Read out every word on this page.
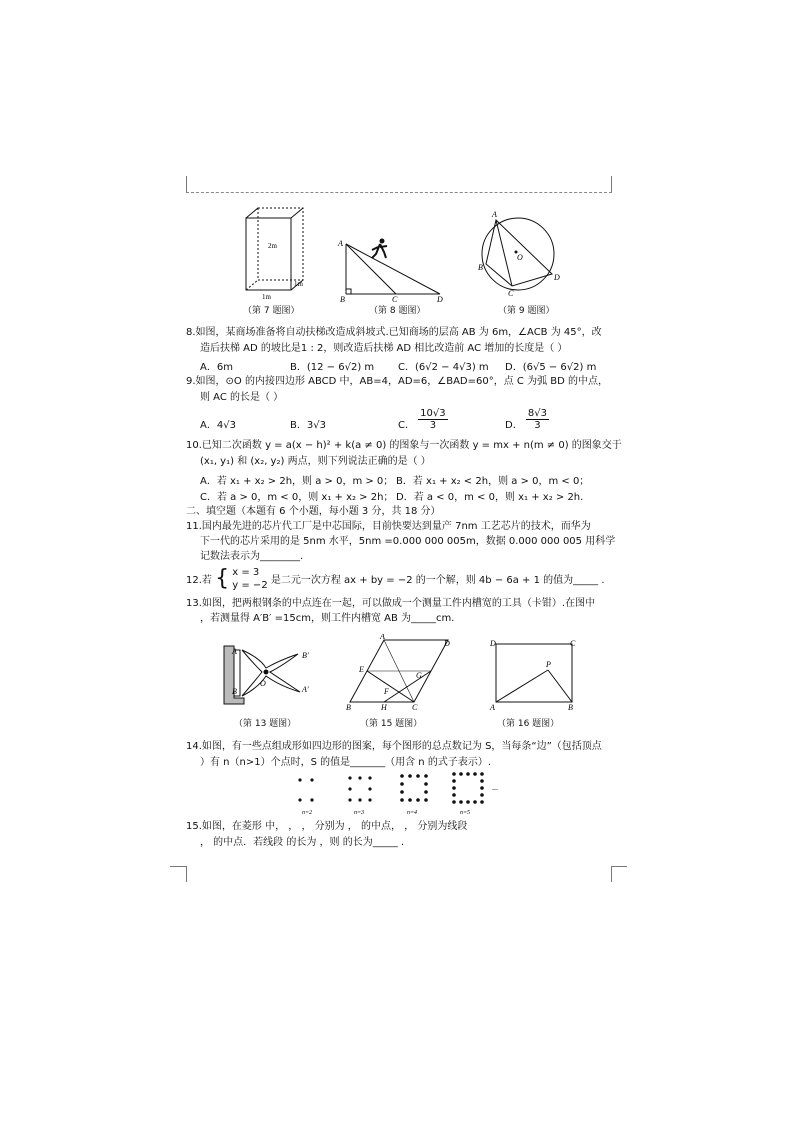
2m
1m
1m
（第 7 题图）
A
B	C	D
（第 8 题图）
A
B
C
D
O
（第 9 题图）
8.如图，某商场准备将自动扶梯改造成斜坡式.已知商场的层高 AB 为 6m，∠ACB 为 45°，改
造后扶梯 AD 的坡比是1 : 2，则改造后扶梯 AD 相比改造前 AC 增加的长度是（ ）
A．6m	B．(12 − 6√2) m C．(6√2 − 4√3) m D．(6√5 − 6√2) m
9.如图，⊙O 的内接四边形 ABCD 中，AB=4，AD=6，∠BAD=60°，点 C 为弧 BD 的中点，
则 AC 的长是（ ）
A．4√3	B．3√3	C． $\frac{10√3}{3}$	D． $\frac{8√3}{3}$
10.已知二次函数 y = a(x − h)² + k(a ≠ 0) 的图象与一次函数 y = mx + n(m ≠ 0) 的图象交于
(x₁, y₁) 和 (x₂, y₂) 两点，则下列说法正确的是（ ）
A．若 x₁ + x₂ > 2h，则 a > 0，m > 0； B．若 x₁ + x₂ < 2h，则 a > 0，m < 0；
C．若 a > 0，m < 0，则 x₁ + x₂ > 2h； D．若 a < 0，m < 0，则 x₁ + x₂ > 2h.
二、填空题（本题有 6 个小题，每小题 3 分，共 18 分）
11.国内最先进的芯片代工厂是中芯国际，目前快要达到量产 7nm 工艺芯片的技术，而华为
下一代的芯片采用的是 5nm 水平，5nm =0.000 000 005m，数据 0.000 000 005 用科学
记数法表示为________.
12.若 { x = 3
y = −2 是二元一次方程 ax + by = −2 的一个解，则 4b − 6a + 1 的值为_____ .
13.如图，把两根钢条的中点连在一起，可以做成一个测量工件内槽宽的工具（卡钳）.在图中
，若测量得 A′B′ =15cm，则工件内槽宽 AB 为_____cm.
A
B
O
B'
A'
（第 13 题图）
A
D
B	C
E
F
G
H
（第 15 题图）
D	C
A	B
P
（第 16 题图）
14.如图，有一些点组成形如四边形的图案，每个图形的总点数记为 S，当每条“边”（包括顶点
）有 n（n>1）个点时，S 的值是_______（用含 n 的式子表示）.
n=2	n=3	n=4	n=5
...
15.如图，在菱形 中， ， ， 分别为 ， 的中点， ， 分别为线段
， 的中点．若线段 的长为 ，则 的长为_____ .
